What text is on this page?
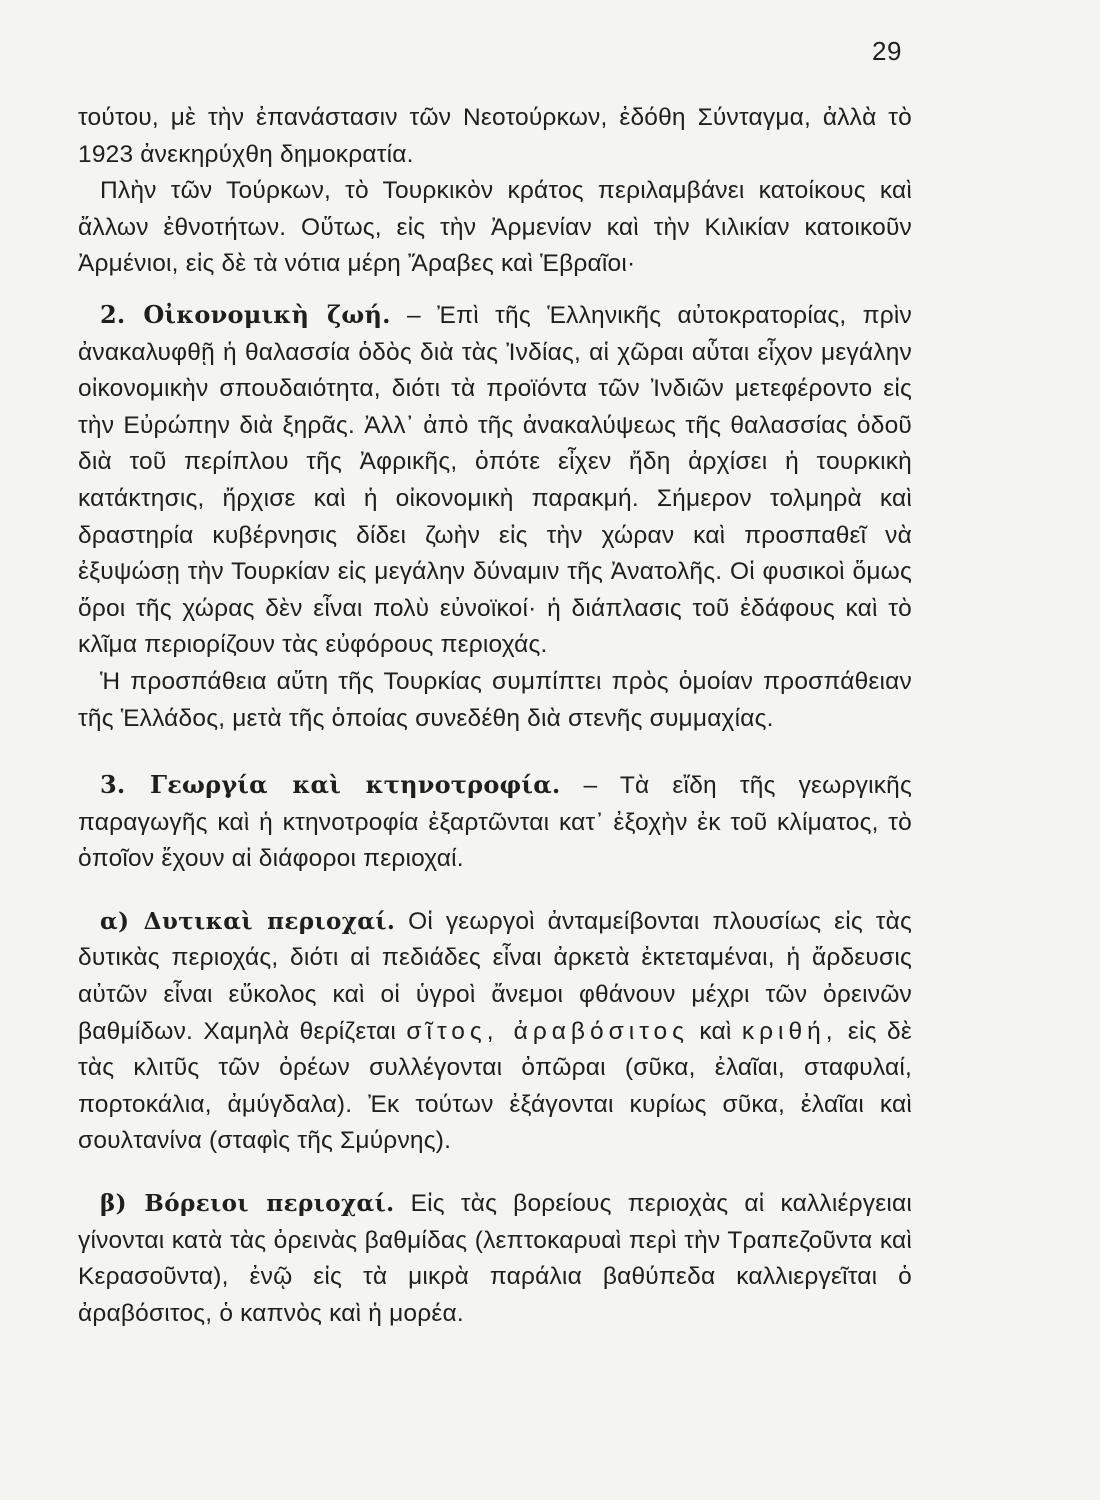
29

τούτου, μὲ τὴν ἐπανάστασιν τῶν Νεοτούρκων, ἐδόθη Σύνταγμα, ἀλλὰ τὸ 1923 ἀνεκηρύχθη δημοκρατία.

Πλὴν τῶν Τούρκων, τὸ Τουρκικὸν κράτος περιλαμβάνει κατοίκους καὶ ἄλλων ἐθνοτήτων. Οὕτως, εἰς τὴν Ἀρμενίαν καὶ τὴν Κιλικίαν κατοικοῦν Ἀρμένιοι, εἰς δὲ τὰ νότια μέρη Ἄραβες καὶ Ἑβραῖοι·

2. Οἰκονομικὴ ζωή. – Ἐπὶ τῆς Ἑλληνικῆς αὐτοκρατορίας, πρὶν ἀνακαλυφθῇ ἡ θαλασσία ὁδὸς διὰ τὰς Ἰνδίας, αἱ χῶραι αὗται εἶχον μεγάλην οἰκονομικὴν σπουδαιότητα, διότι τὰ προϊόντα τῶν Ἰνδιῶν μετεφέροντο εἰς τὴν Εὐρώπην διὰ ξηρᾶς. Ἀλλ᾽ ἀπὸ τῆς ἀνακαλύψεως τῆς θαλασσίας ὁδοῦ διὰ τοῦ περίπλου τῆς Ἀφρικῆς, ὁπότε εἶχεν ἤδη ἀρχίσει ἡ τουρκικὴ κατάκτησις, ἤρχισε καὶ ἡ οἰκονομικὴ παρακμή. Σήμερον τολμηρὰ καὶ δραστηρία κυβέρνησις δίδει ζωὴν εἰς τὴν χώραν καὶ προσπαθεῖ νὰ ἐξυψώσῃ τὴν Τουρκίαν εἰς μεγάλην δύναμιν τῆς Ἀνατολῆς. Οἱ φυσικοὶ ὅμως ὅροι τῆς χώρας δὲν εἶναι πολὺ εὐνοϊκοί· ἡ διάπλασις τοῦ ἐδάφους καὶ τὸ κλῖμα περιορίζουν τὰς εὐφόρους περιοχάς.

Ἡ προσπάθεια αὕτη τῆς Τουρκίας συμπίπτει πρὸς ὁμοίαν προσπάθειαν τῆς Ἑλλάδος, μετὰ τῆς ὁποίας συνεδέθη διὰ στενῆς συμμαχίας.

3. Γεωργία καὶ κτηνοτροφία. – Τὰ εἴδη τῆς γεωργικῆς παραγωγῆς καὶ ἡ κτηνοτροφία ἐξαρτῶνται κατ᾽ ἐξοχὴν ἐκ τοῦ κλίματος, τὸ ὁποῖον ἔχουν αἱ διάφοροι περιοχαί.

α) Δυτικαὶ περιοχαί. Οἱ γεωργοὶ ἀνταμείβονται πλουσίως εἰς τὰς δυτικὰς περιοχάς, διότι αἱ πεδιάδες εἶναι ἀρκετὰ ἐκτεταμέναι, ἡ ἄρδευσις αὐτῶν εἶναι εὔκολος καὶ οἱ ὑγροὶ ἄνεμοι φθάνουν μέχρι τῶν ὀρεινῶν βαθμίδων. Χαμηλὰ θερίζεται σῖτος, ἀραβόσιτος καὶ κριθή, εἰς δὲ τὰς κλιτῦς τῶν ὀρέων συλλέγονται ὀπῶραι (σῦκα, ἐλαῖαι, σταφυλαί, πορτοκάλια, ἀμύγδαλα). Ἐκ τούτων ἐξάγονται κυρίως σῦκα, ἐλαῖαι καὶ σουλτανίνα (σταφὶς τῆς Σμύρνης).

β) Βόρειοι περιοχαί. Εἰς τὰς βορείους περιοχὰς αἱ καλλιέργειαι γίνονται κατὰ τὰς ὀρεινὰς βαθμίδας (λεπτοκαρυαὶ περὶ τὴν Τραπεζοῦντα καὶ Κερασοῦντα), ἐνῷ εἰς τὰ μικρὰ παράλια βαθύπεδα καλλιεργεῖται ὁ ἀραβόσιτος, ὁ καπνὸς καὶ ἡ μορέα.
